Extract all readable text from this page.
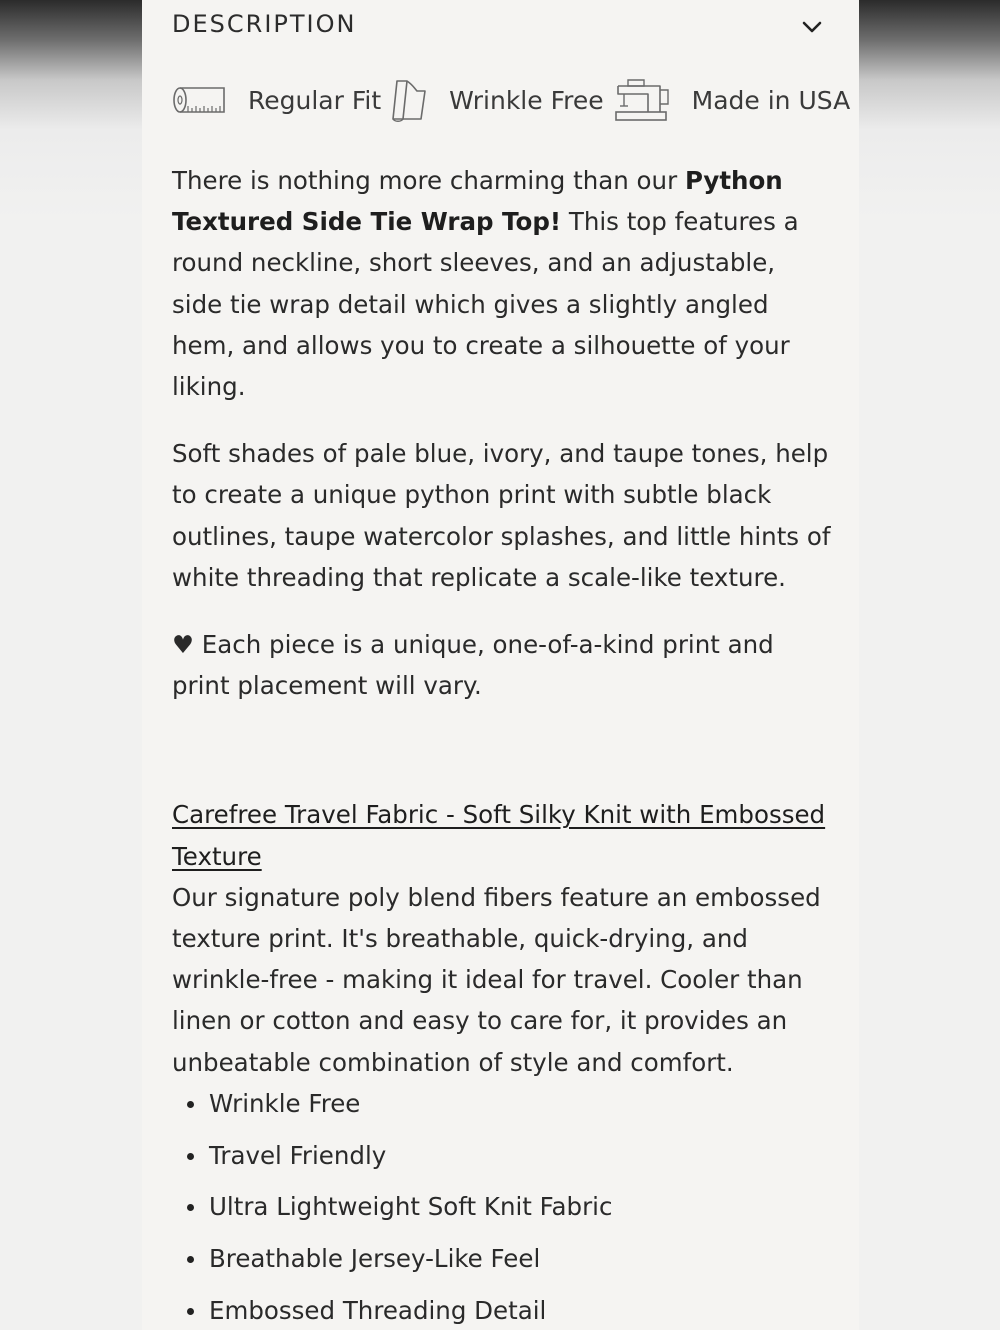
DESCRIPTION
Regular Fit	Wrinkle Free	Made in USA

There is nothing more charming than our Python Textured Side Tie Wrap Top! This top features a round neckline, short sleeves, and an adjustable, side tie wrap detail which gives a slightly angled hem, and allows you to create a silhouette of your liking.

Soft shades of pale blue, ivory, and taupe tones, help to create a unique python print with subtle black outlines, taupe watercolor splashes, and little hints of white threading that replicate a scale-like texture.

♥ Each piece is a unique, one-of-a-kind print and print placement will vary.

Carefree Travel Fabric - Soft Silky Knit with Embossed Texture

Our signature poly blend fibers feature an embossed texture print. It's breathable, quick-drying, and wrinkle-free - making it ideal for travel. Cooler than linen or cotton and easy to care for, it provides an unbeatable combination of style and comfort.

Wrinkle Free
Travel Friendly
Ultra Lightweight Soft Knit Fabric
Breathable Jersey-Like Feel
Embossed Threading Detail
